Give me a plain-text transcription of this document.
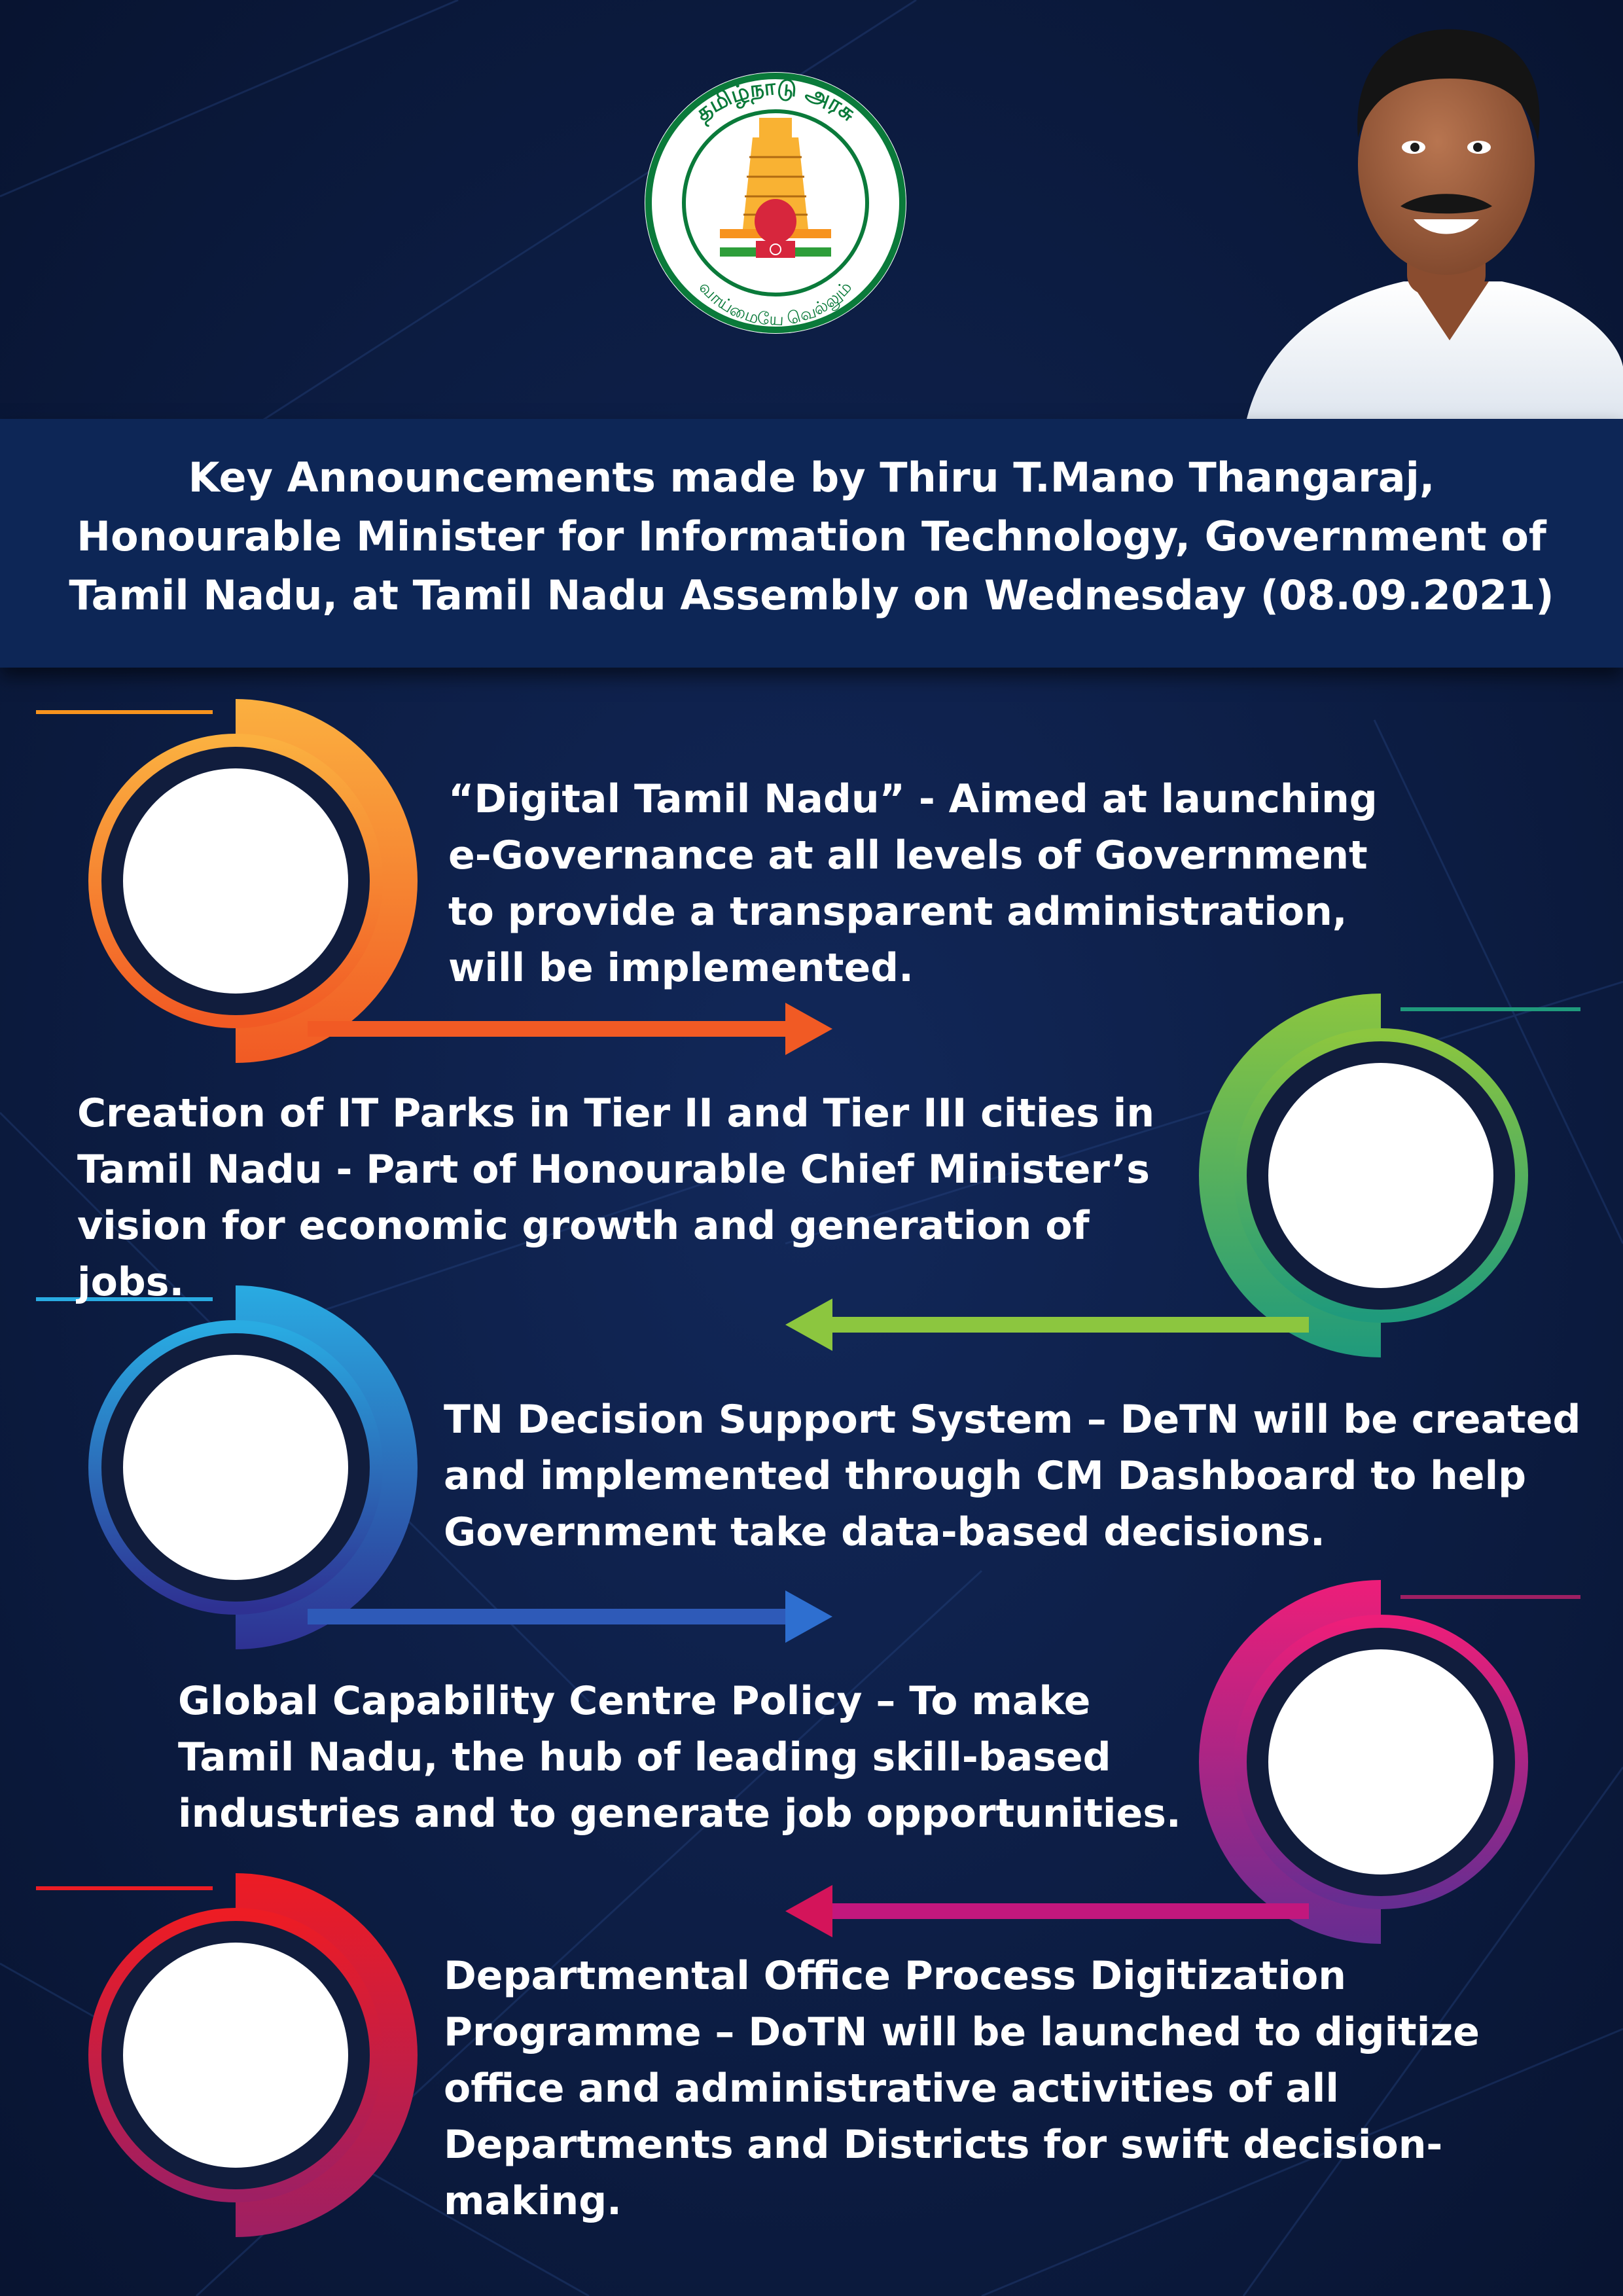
தமிழ்நாடு அரசு
வாய்மையே வெல்லும்

Key Announcements made by Thiru T.Mano Thangaraj, Honourable Minister for Information Technology, Government of Tamil Nadu, at Tamil Nadu Assembly on Wednesday (08.09.2021)

“Digital Tamil Nadu” - Aimed at launching e-Governance at all levels of Government to provide a transparent administration, will be implemented.

Creation of IT Parks in Tier II and Tier III cities in Tamil Nadu - Part of Honourable Chief Minister’s vision for economic growth and generation of jobs.

TN Decision Support System – DeTN will be created and implemented through CM Dashboard to help Government take data-based decisions.

Global Capability Centre Policy – To make Tamil Nadu, the hub of leading skill-based industries and to generate job opportunities.

Departmental Office Process Digitization Programme – DoTN will be launched to digitize office and administrative activities of all Departments and Districts for swift decision-making.
